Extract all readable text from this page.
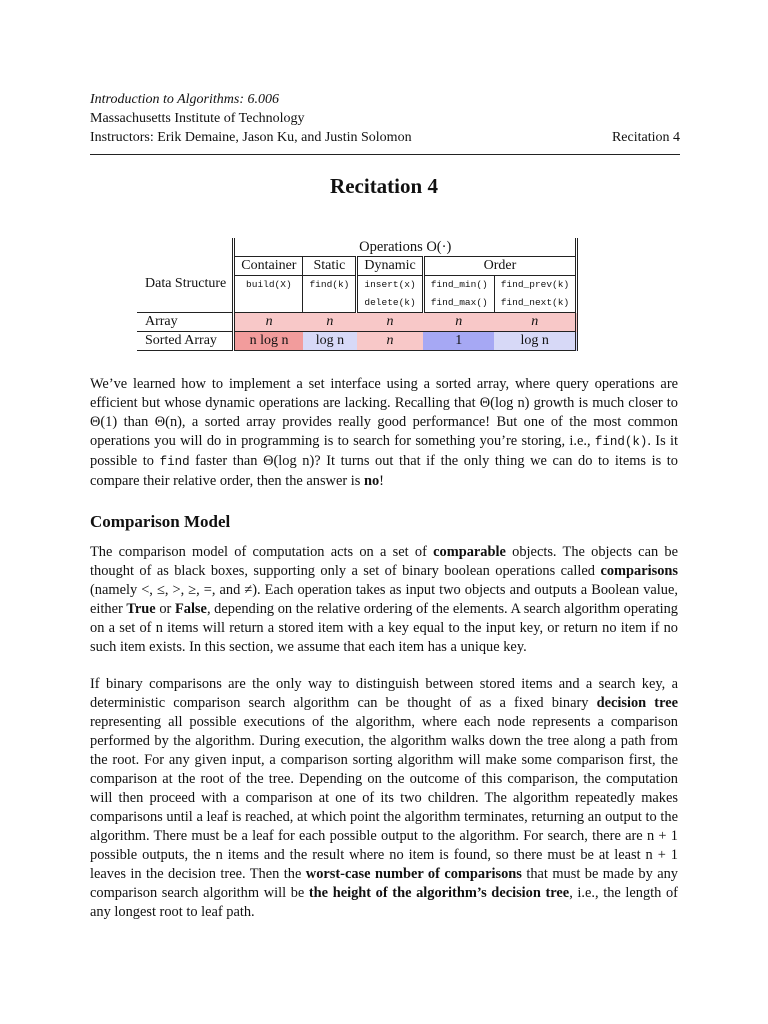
Introduction to Algorithms: 6.006
Massachusetts Institute of Technology
Instructors: Erik Demaine, Jason Ku, and Justin Solomon	Recitation 4
Recitation 4
	Operations O(·)				
Data Structure	Container	Static	Dynamic	Order	
	build(X)	find(k)	insert(x)	find_min()	find_prev(k)
			delete(k)	find_max()	find_next(k)
Array	n	n	n	n	n
Sorted Array	n log n	log n	n	1	log n

We’ve learned how to implement a set interface using a sorted array, where query operations are efficient but whose dynamic operations are lacking. Recalling that Θ(log n) growth is much closer to Θ(1) than Θ(n), a sorted array provides really good performance! But one of the most common operations you will do in programming is to search for something you’re storing, i.e., find(k). Is it possible to find faster than Θ(log n)? It turns out that if the only thing we can do to items is to compare their relative order, then the answer is no!

Comparison Model

The comparison model of computation acts on a set of comparable objects. The objects can be thought of as black boxes, supporting only a set of binary boolean operations called comparisons (namely <, ≤, >, ≥, =, and ≠). Each operation takes as input two objects and outputs a Boolean value, either True or False, depending on the relative ordering of the elements. A search algorithm operating on a set of n items will return a stored item with a key equal to the input key, or return no item if no such item exists. In this section, we assume that each item has a unique key.

If binary comparisons are the only way to distinguish between stored items and a search key, a deterministic comparison search algorithm can be thought of as a fixed binary decision tree representing all possible executions of the algorithm, where each node represents a comparison performed by the algorithm. During execution, the algorithm walks down the tree along a path from the root. For any given input, a comparison sorting algorithm will make some comparison first, the comparison at the root of the tree. Depending on the outcome of this comparison, the computation will then proceed with a comparison at one of its two children. The algorithm repeatedly makes comparisons until a leaf is reached, at which point the algorithm terminates, returning an output to the algorithm. There must be a leaf for each possible output to the algorithm. For search, there are n + 1 possible outputs, the n items and the result where no item is found, so there must be at least n + 1 leaves in the decision tree. Then the worst-case number of comparisons that must be made by any comparison search algorithm will be the height of the algorithm’s decision tree, i.e., the length of any longest root to leaf path.
